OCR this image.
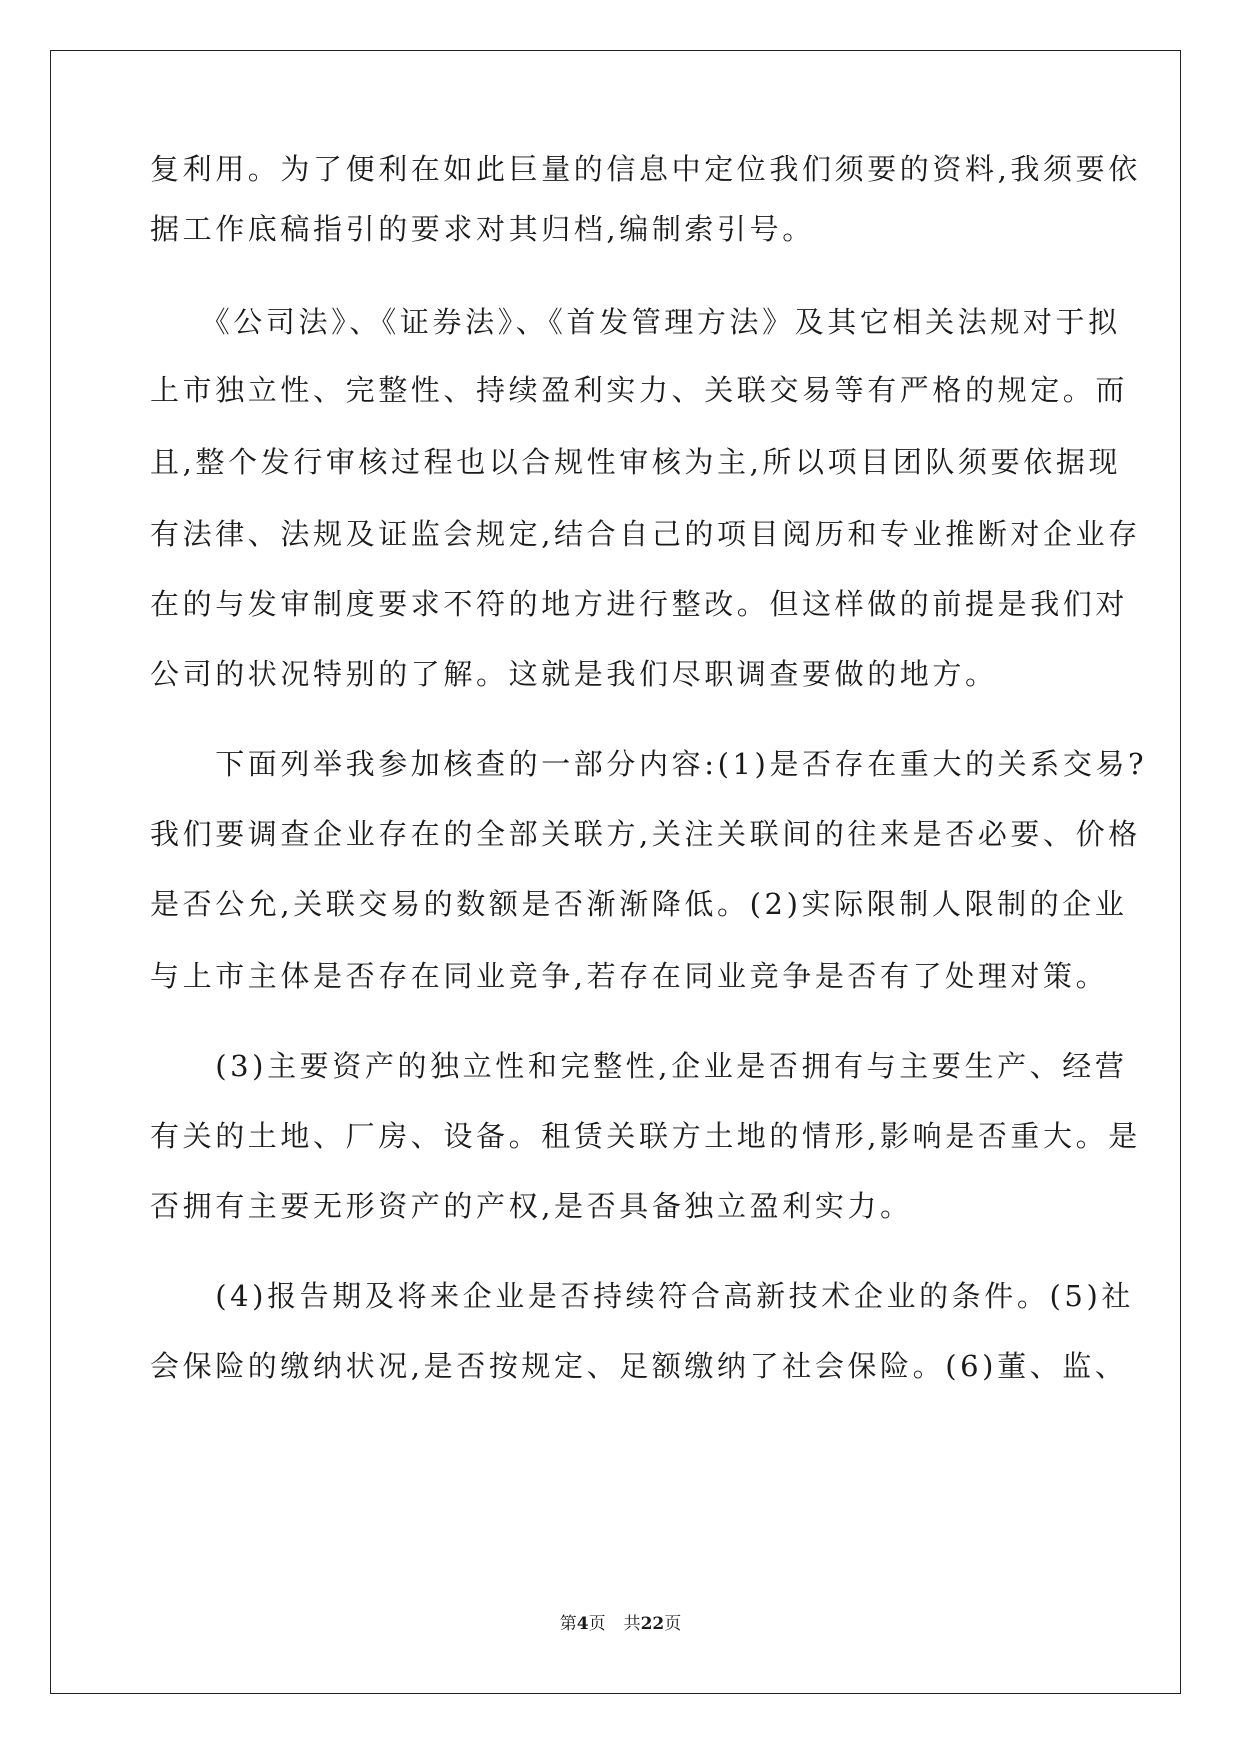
复利用。为了便利在如此巨量的信息中定位我们须要的资料,我须要依
据工作底稿指引的要求对其归档,编制索引号。
　　《公司法》、《证券法》、《首发管理方法》及其它相关法规对于拟
上市独立性、完整性、持续盈利实力、关联交易等有严格的规定。而
且,整个发行审核过程也以合规性审核为主,所以项目团队须要依据现
有法律、法规及证监会规定,结合自己的项目阅历和专业推断对企业存
在的与发审制度要求不符的地方进行整改。但这样做的前提是我们对
公司的状况特别的了解。这就是我们尽职调查要做的地方。
　　下面列举我参加核查的一部分内容:(1)是否存在重大的关系交易?
我们要调查企业存在的全部关联方,关注关联间的往来是否必要、价格
是否公允,关联交易的数额是否渐渐降低。(2)实际限制人限制的企业
与上市主体是否存在同业竞争,若存在同业竞争是否有了处理对策。
　　(3)主要资产的独立性和完整性,企业是否拥有与主要生产、经营
有关的土地、厂房、设备。租赁关联方土地的情形,影响是否重大。是
否拥有主要无形资产的产权,是否具备独立盈利实力。
　　(4)报告期及将来企业是否持续符合高新技术企业的条件。(5)社
会保险的缴纳状况,是否按规定、足额缴纳了社会保险。(6)董、监、
第4页 共22页
